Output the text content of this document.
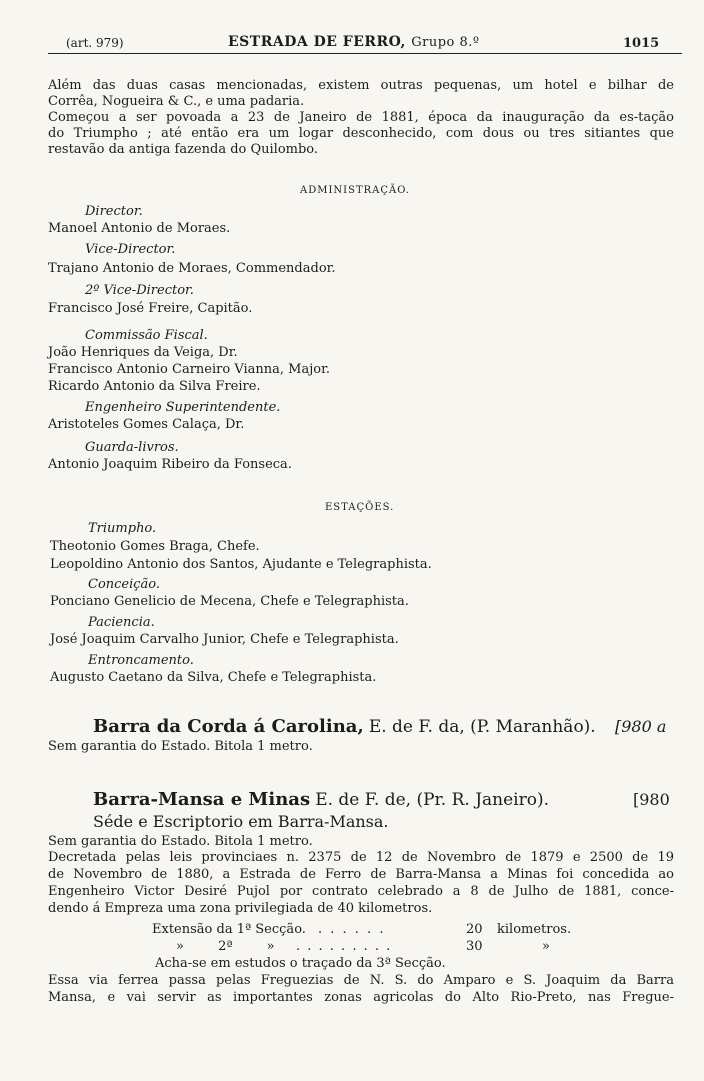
(art. 979)	ESTRADA DE FERRO, Grupo 8.º	1015
Além das duas casas mencionadas, existem outras pequenas, um hotel e bilhar de
Corrêa, Nogueira & C., e uma padaria.
Começou a ser povoada a 23 de Janeiro de 1881, época da inauguração da es-tação
do Triumpho ; até então era um logar desconhecido, com dous ou tres sitiantes que
restavão da antiga fazenda do Quilombo.
ADMINISTRAÇÃO.
Director.
Manoel Antonio de Moraes.
Vice-Director.
Trajano Antonio de Moraes, Commendador.
2º Vice-Director.
Francisco José Freire, Capitão.
Commissão Fiscal.
João Henriques da Veiga, Dr.
Francisco Antonio Carneiro Vianna, Major.
Ricardo Antonio da Silva Freire.
Engenheiro Superintendente.
Aristoteles Gomes Calaça, Dr.
Guarda-livros.
Antonio Joaquim Ribeiro da Fonseca.
ESTAÇÕES.
Triumpho.
Theotonio Gomes Braga, Chefe.
Leopoldino Antonio dos Santos, Ajudante e Telegraphista.
Conceição.
Ponciano Genelicio de Mecena, Chefe e Telegraphista.
Paciencia.
José Joaquim Carvalho Junior, Chefe e Telegraphista.
Entroncamento.
Augusto Caetano da Silva, Chefe e Telegraphista.
Barra da Corda á Carolina, E. de F. da, (P. Maranhão). [980 a
Sem garantia do Estado. Bitola 1 metro.
Barra-Mansa e Minas E. de F. de, (Pr. R. Janeiro).	[980
Séde e Escriptorio em Barra-Mansa.
Sem garantia do Estado. Bitola 1 metro.
Decretada pelas leis provinciaes n. 2375 de 12 de Novembro de 1879 e 2500 de 19
de Novembro de 1880, a Estrada de Ferro de Barra-Mansa a Minas foi concedida ao
Engenheiro Victor Desiré Pujol por contrato celebrado a 8 de Julho de 1881, conce-
dendo á Empreza uma zona privilegiada de 40 kilometros.
Extensão da 1ª Secção. . . . . . .	20 kilometros.
» 2ª » . . . . . . . . .	30	»
Acha-se em estudos o traçado da 3ª Secção.
Essa via ferrea passa pelas Freguezias de N. S. do Amparo e S. Joaquim da Barra
Mansa, e vai servir as importantes zonas agricolas do Alto Rio-Preto, nas Fregue-
